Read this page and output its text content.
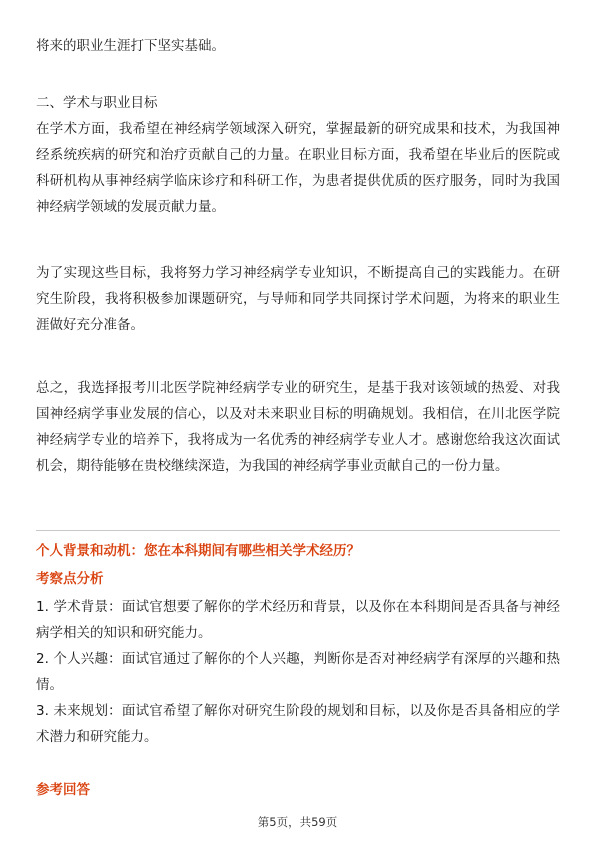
将来的职业生涯打下坚实基础。

二、学术与职业目标

在学术方面，我希望在神经病学领域深入研究，掌握最新的研究成果和技术，为我国神经系统疾病的研究和治疗贡献自己的力量。在职业目标方面，我希望在毕业后的医院或科研机构从事神经病学临床诊疗和科研工作，为患者提供优质的医疗服务，同时为我国神经病学领域的发展贡献力量。

为了实现这些目标，我将努力学习神经病学专业知识，不断提高自己的实践能力。在研究生阶段，我将积极参加课题研究，与导师和同学共同探讨学术问题，为将来的职业生涯做好充分准备。

总之，我选择报考川北医学院神经病学专业的研究生，是基于我对该领域的热爱、对我国神经病学事业发展的信心，以及对未来职业目标的明确规划。我相信，在川北医学院神经病学专业的培养下，我将成为一名优秀的神经病学专业人才。感谢您给我这次面试机会，期待能够在贵校继续深造，为我国的神经病学事业贡献自己的一份力量。

个人背景和动机：您在本科期间有哪些相关学术经历？
考察点分析

1. 学术背景：面试官想要了解你的学术经历和背景，以及你在本科期间是否具备与神经病学相关的知识和研究能力。

2. 个人兴趣：面试官通过了解你的个人兴趣，判断你是否对神经病学有深厚的兴趣和热情。

3. 未来规划：面试官希望了解你对研究生阶段的规划和目标，以及你是否具备相应的学术潜力和研究能力。

参考回答
第5页，共59页
